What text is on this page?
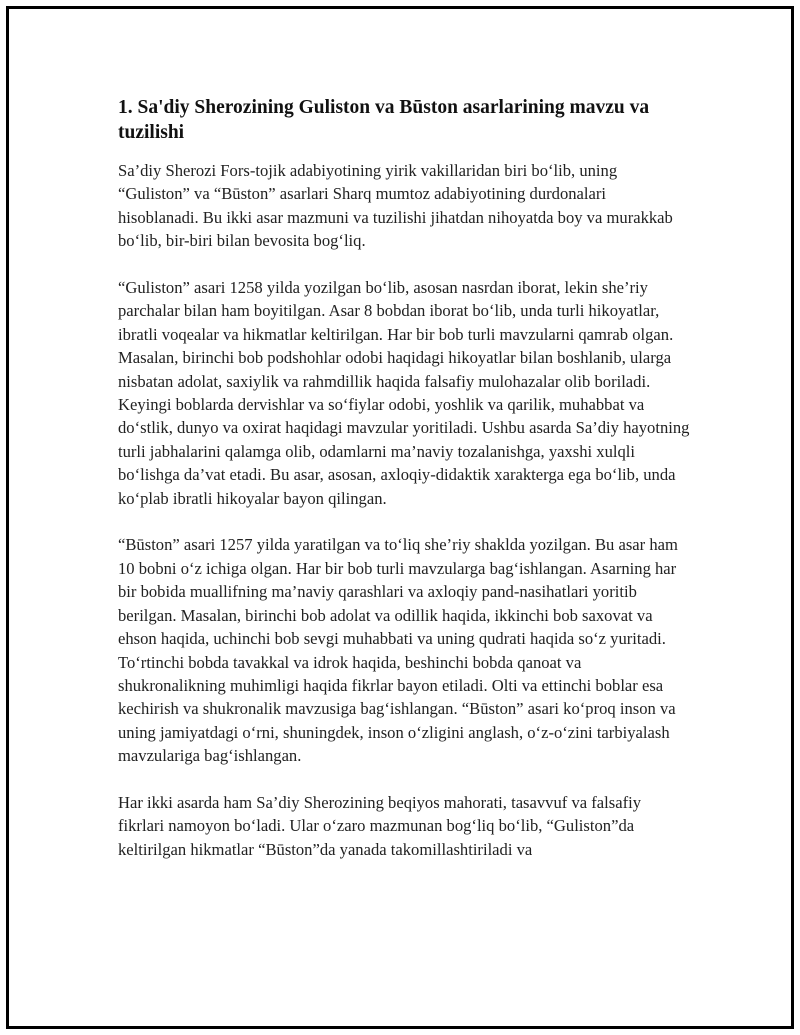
1. Sa'diy Sherozining Guliston va Būston asarlarining mavzu va tuzilishi

Sa’diy Sherozi Fors-tojik adabiyotining yirik vakillaridan biri bo‘lib, uning “Guliston” va “Būston” asarlari Sharq mumtoz adabiyotining durdonalari hisoblanadi. Bu ikki asar mazmuni va tuzilishi jihatdan nihoyatda boy va murakkab bo‘lib, bir-biri bilan bevosita bog‘liq.

“Guliston” asari 1258 yilda yozilgan bo‘lib, asosan nasrdan iborat, lekin she’riy parchalar bilan ham boyitilgan. Asar 8 bobdan iborat bo‘lib, unda turli hikoyatlar, ibratli voqealar va hikmatlar keltirilgan. Har bir bob turli mavzularni qamrab olgan. Masalan, birinchi bob podshohlar odobi haqidagi hikoyatlar bilan boshlanib, ularga nisbatan adolat, saxiylik va rahmdillik haqida falsafiy mulohazalar olib boriladi. Keyingi boblarda dervishlar va so‘fiylar odobi, yoshlik va qarilik, muhabbat va do‘stlik, dunyo va oxirat haqidagi mavzular yoritiladi. Ushbu asarda Sa’diy hayotning turli jabhalarini qalamga olib, odamlarni ma’naviy tozalanishga, yaxshi xulqli bo‘lishga da’vat etadi. Bu asar, asosan, axloqiy-didaktik xarakterga ega bo‘lib, unda ko‘plab ibratli hikoyalar bayon qilingan.

“Būston” asari 1257 yilda yaratilgan va to‘liq she’riy shaklda yozilgan. Bu asar ham 10 bobni o‘z ichiga olgan. Har bir bob turli mavzularga bag‘ishlangan. Asarning har bir bobida muallifning ma’naviy qarashlari va axloqiy pand-nasihatlari yoritib berilgan. Masalan, birinchi bob adolat va odillik haqida, ikkinchi bob saxovat va ehson haqida, uchinchi bob sevgi muhabbati va uning qudrati haqida so‘z yuritadi. To‘rtinchi bobda tavakkal va idrok haqida, beshinchi bobda qanoat va shukronalikning muhimligi haqida fikrlar bayon etiladi. Olti va ettinchi boblar esa kechirish va shukronalik mavzusiga bag‘ishlangan. “Būston” asari ko‘proq inson va uning jamiyatdagi o‘rni, shuningdek, inson o‘zligini anglash, o‘z-o‘zini tarbiyalash mavzulariga bag‘ishlangan.

Har ikki asarda ham Sa’diy Sherozining beqiyos mahorati, tasavvuf va falsafiy fikrlari namoyon bo‘ladi. Ular o‘zaro mazmunan bog‘liq bo‘lib, “Guliston”da keltirilgan hikmatlar “Būston”da yanada takomillashtiriladi va
